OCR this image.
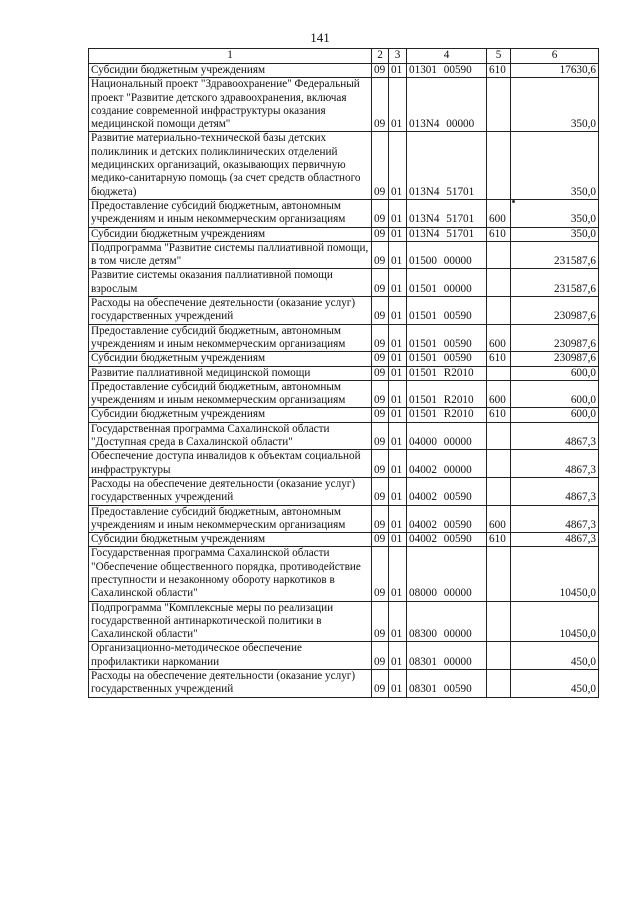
141
1	2	3	4	5	6
Субсидии бюджетным учреждениям	09	01	01301 00590	610	17630,6
Национальный проект "Здравоохранение" Федеральный проект "Развитие детского здравоохранения, включая создание современной инфраструктуры оказания медицинской помощи детям"	09	01	013N4 00000		350,0
Развитие материально-технической базы детских поликлиник и детских поликлинических отделений медицинских организаций, оказывающих первичную медико-санитарную помощь (за счет средств областного бюджета)	09	01	013N4 51701		350,0
Предоставление субсидий бюджетным, автономным учреждениям и иным некоммерческим организациям	09	01	013N4 51701	600	350,0
Субсидии бюджетным учреждениям	09	01	013N4 51701	610	350,0
Подпрограмма "Развитие системы паллиативной помощи, в том числе детям"	09	01	01500 00000		231587,6
Развитие системы оказания паллиативной помощи взрослым	09	01	01501 00000		231587,6
Расходы на обеспечение деятельности (оказание услуг) государственных учреждений	09	01	01501 00590		230987,6
Предоставление субсидий бюджетным, автономным учреждениям и иным некоммерческим организациям	09	01	01501 00590	600	230987,6
Субсидии бюджетным учреждениям	09	01	01501 00590	610	230987,6
Развитие паллиативной медицинской помощи	09	01	01501 R2010		600,0
Предоставление субсидий бюджетным, автономным учреждениям и иным некоммерческим организациям	09	01	01501 R2010	600	600,0
Субсидии бюджетным учреждениям	09	01	01501 R2010	610	600,0
Государственная программа Сахалинской области "Доступная среда в Сахалинской области"	09	01	04000 00000		4867,3
Обеспечение доступа инвалидов к объектам социальной инфраструктуры	09	01	04002 00000		4867,3
Расходы на обеспечение деятельности (оказание услуг) государственных учреждений	09	01	04002 00590		4867,3
Предоставление субсидий бюджетным, автономным учреждениям и иным некоммерческим организациям	09	01	04002 00590	600	4867,3
Субсидии бюджетным учреждениям	09	01	04002 00590	610	4867,3
Государственная программа Сахалинской области "Обеспечение общественного порядка, противодействие преступности и незаконному обороту наркотиков в Сахалинской области"	09	01	08000 00000		10450,0
Подпрограмма "Комплексные меры по реализации государственной антинаркотической политики в Сахалинской области"	09	01	08300 00000		10450,0
Организационно-методическое обеспечение профилактики наркомании	09	01	08301 00000		450,0
Расходы на обеспечение деятельности (оказание услуг) государственных учреждений	09	01	08301 00590		450,0
